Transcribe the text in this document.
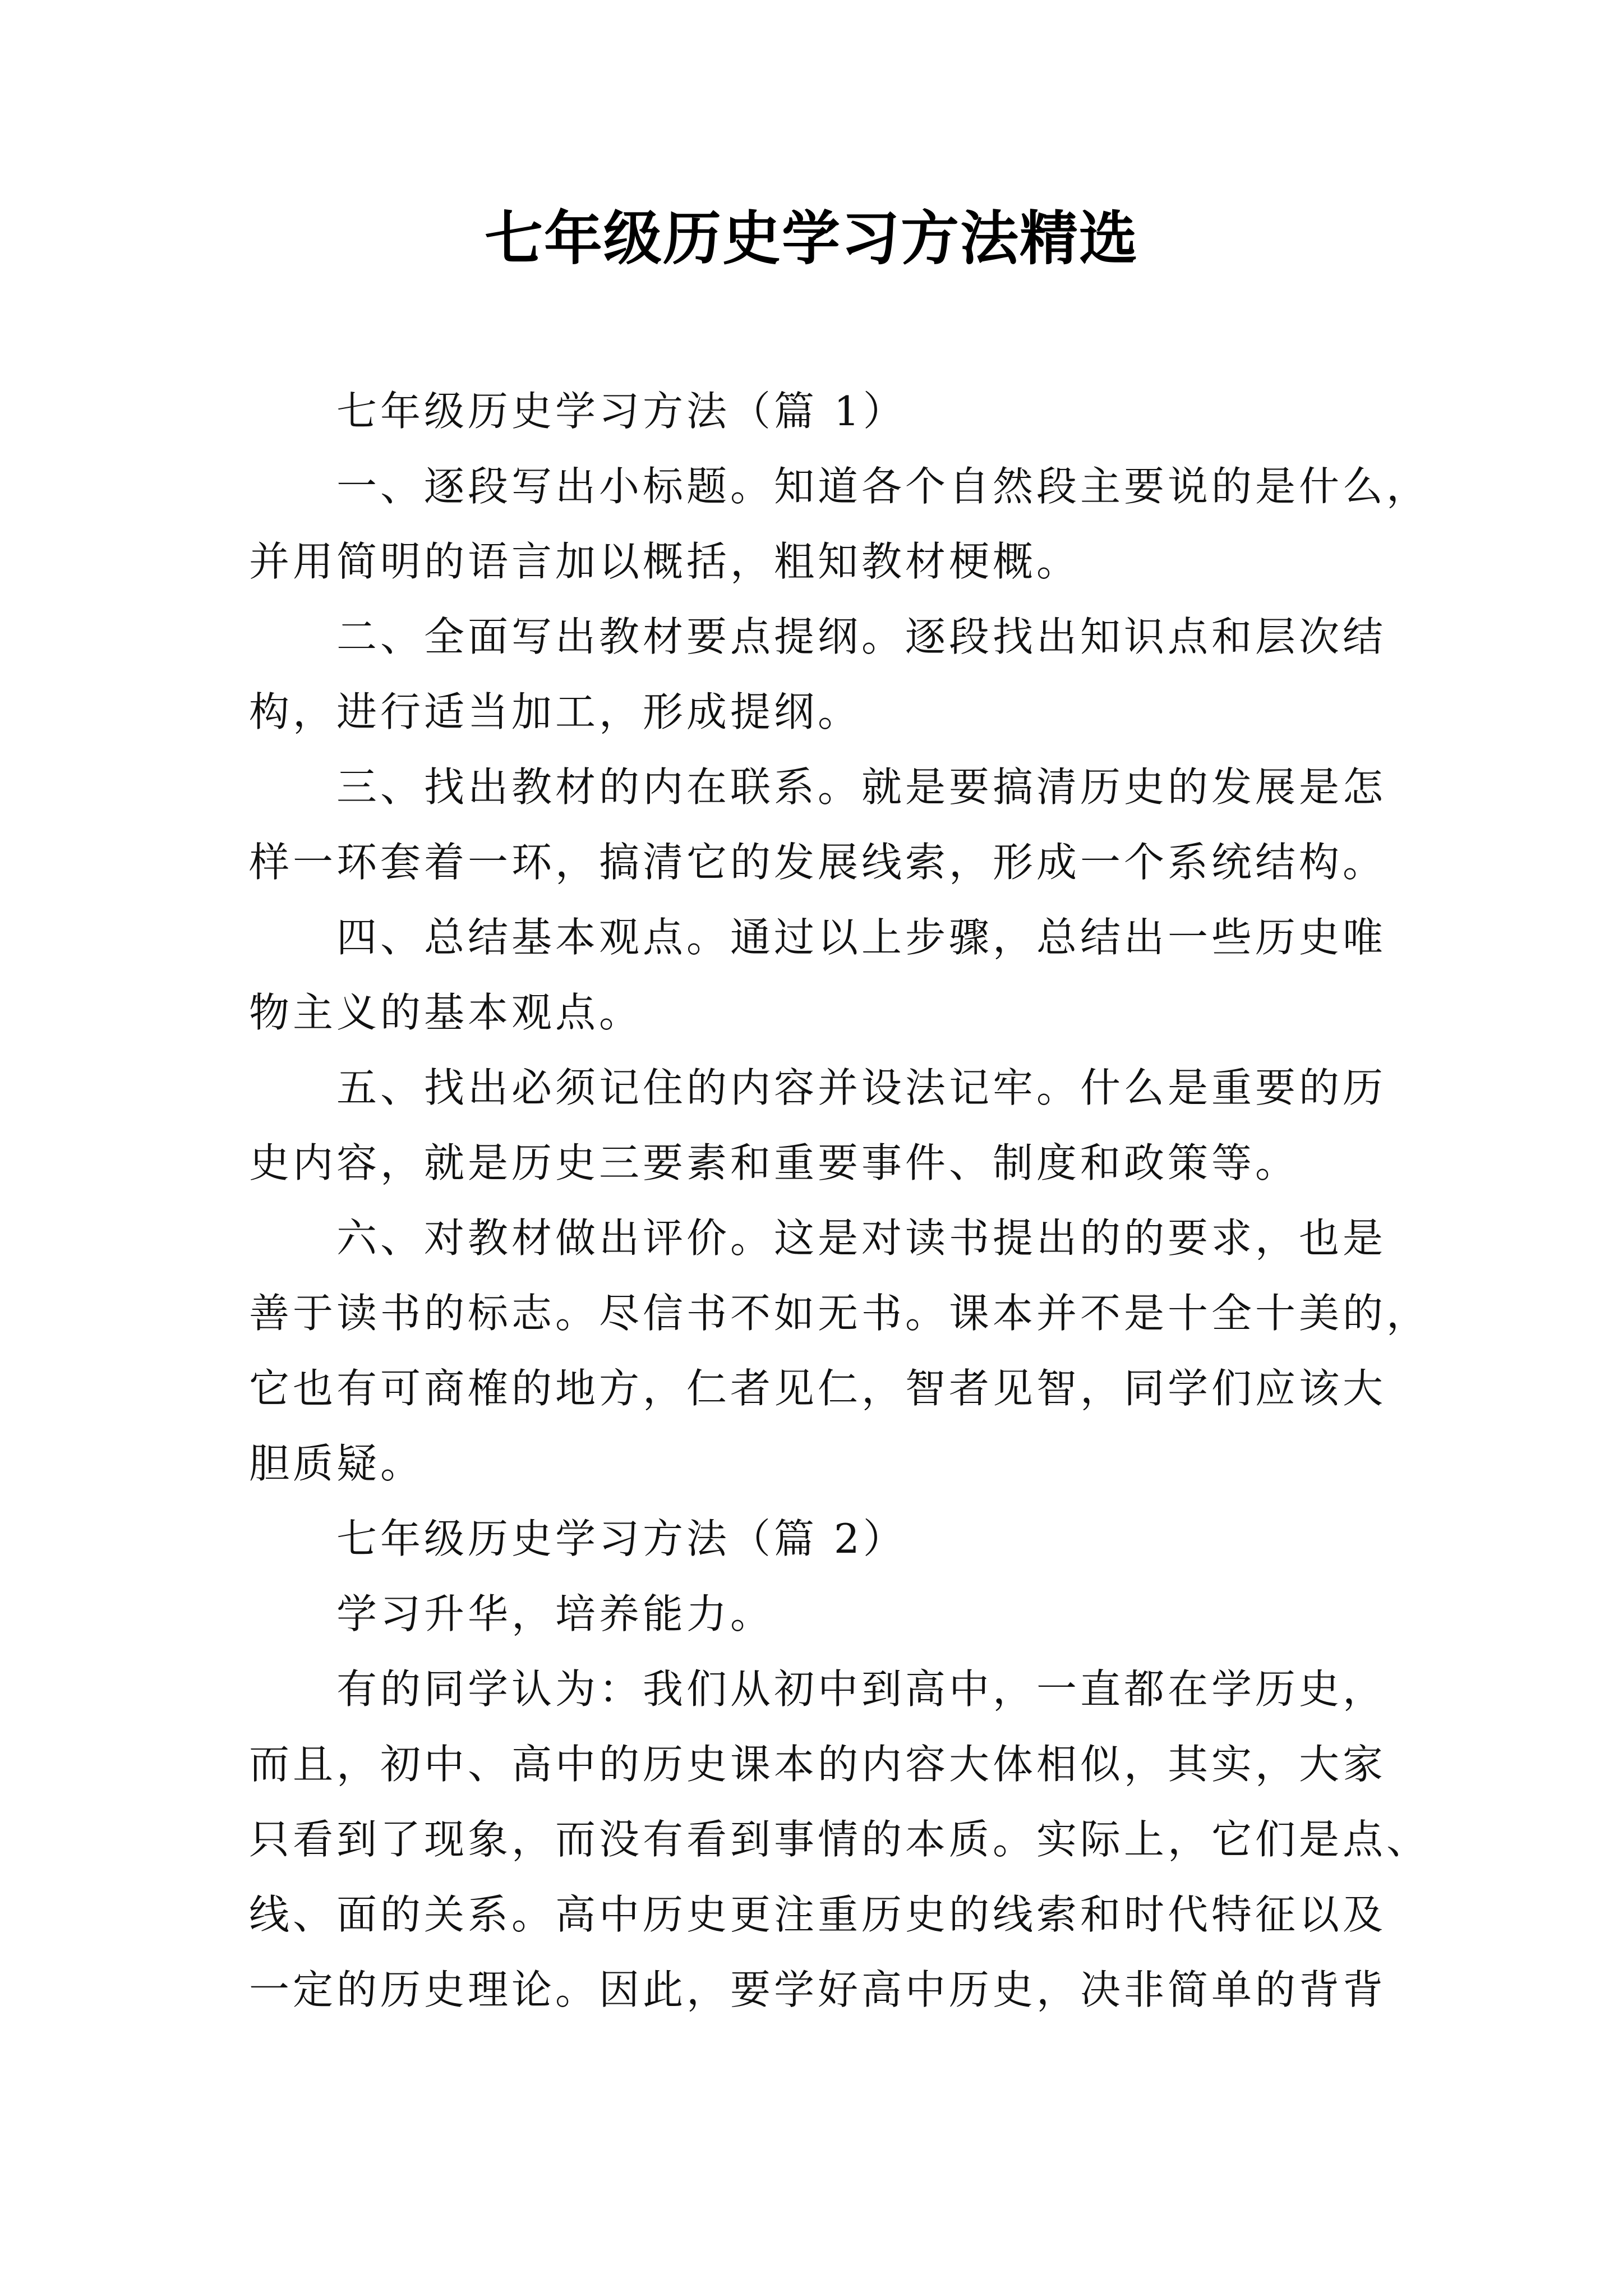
七年级历史学习方法精选

七年级历史学习方法（篇 1）

一、逐段写出小标题。知道各个自然段主要说的是什么，
并用简明的语言加以概括，粗知教材梗概。

二、全面写出教材要点提纲。逐段找出知识点和层次结
构，进行适当加工，形成提纲。

三、找出教材的内在联系。就是要搞清历史的发展是怎
样一环套着一环，搞清它的发展线索，形成一个系统结构。

四、总结基本观点。通过以上步骤，总结出一些历史唯
物主义的基本观点。

五、找出必须记住的内容并设法记牢。什么是重要的历
史内容，就是历史三要素和重要事件、制度和政策等。

六、对教材做出评价。这是对读书提出的的要求，也是
善于读书的标志。尽信书不如无书。课本并不是十全十美的，
它也有可商榷的地方，仁者见仁，智者见智，同学们应该大
胆质疑。

七年级历史学习方法（篇 2）

学习升华，培养能力。

有的同学认为：我们从初中到高中，一直都在学历史，
而且，初中、高中的历史课本的内容大体相似，其实，大家
只看到了现象，而没有看到事情的本质。实际上，它们是点、
线、面的关系。高中历史更注重历史的线索和时代特征以及
一定的历史理论。因此，要学好高中历史，决非简单的背背
